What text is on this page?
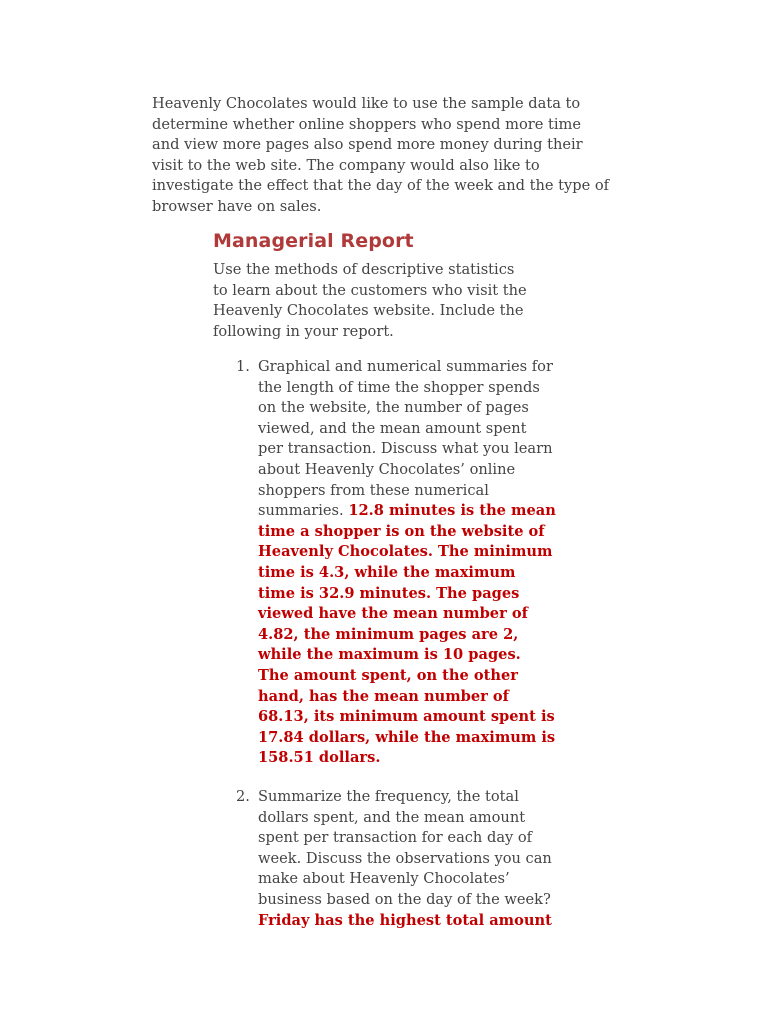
Heavenly Chocolates would like to use the sample data to determine whether online shoppers who spend more time and view more pages also spend more money during their visit to the web site. The company would also like to investigate the effect that the day of the week and the type of browser have on sales.

Managerial Report

Use the methods of descriptive statistics to learn about the customers who visit the Heavenly Chocolates website. Include the following in your report.

1. Graphical and numerical summaries for the length of time the shopper spends on the website, the number of pages viewed, and the mean amount spent per transaction. Discuss what you learn about Heavenly Chocolates’ online shoppers from these numerical summaries. 12.8 minutes is the mean time a shopper is on the website of Heavenly Chocolates. The minimum time is 4.3, while the maximum time is 32.9 minutes. The pages viewed have the mean number of 4.82, the minimum pages are 2, while the maximum is 10 pages. The amount spent, on the other hand, has the mean number of 68.13, its minimum amount spent is 17.84 dollars, while the maximum is 158.51 dollars.
2. Summarize the frequency, the total dollars spent, and the mean amount spent per transaction for each day of week. Discuss the observations you can make about Heavenly Chocolates’ business based on the day of the week? Friday has the highest total amount
